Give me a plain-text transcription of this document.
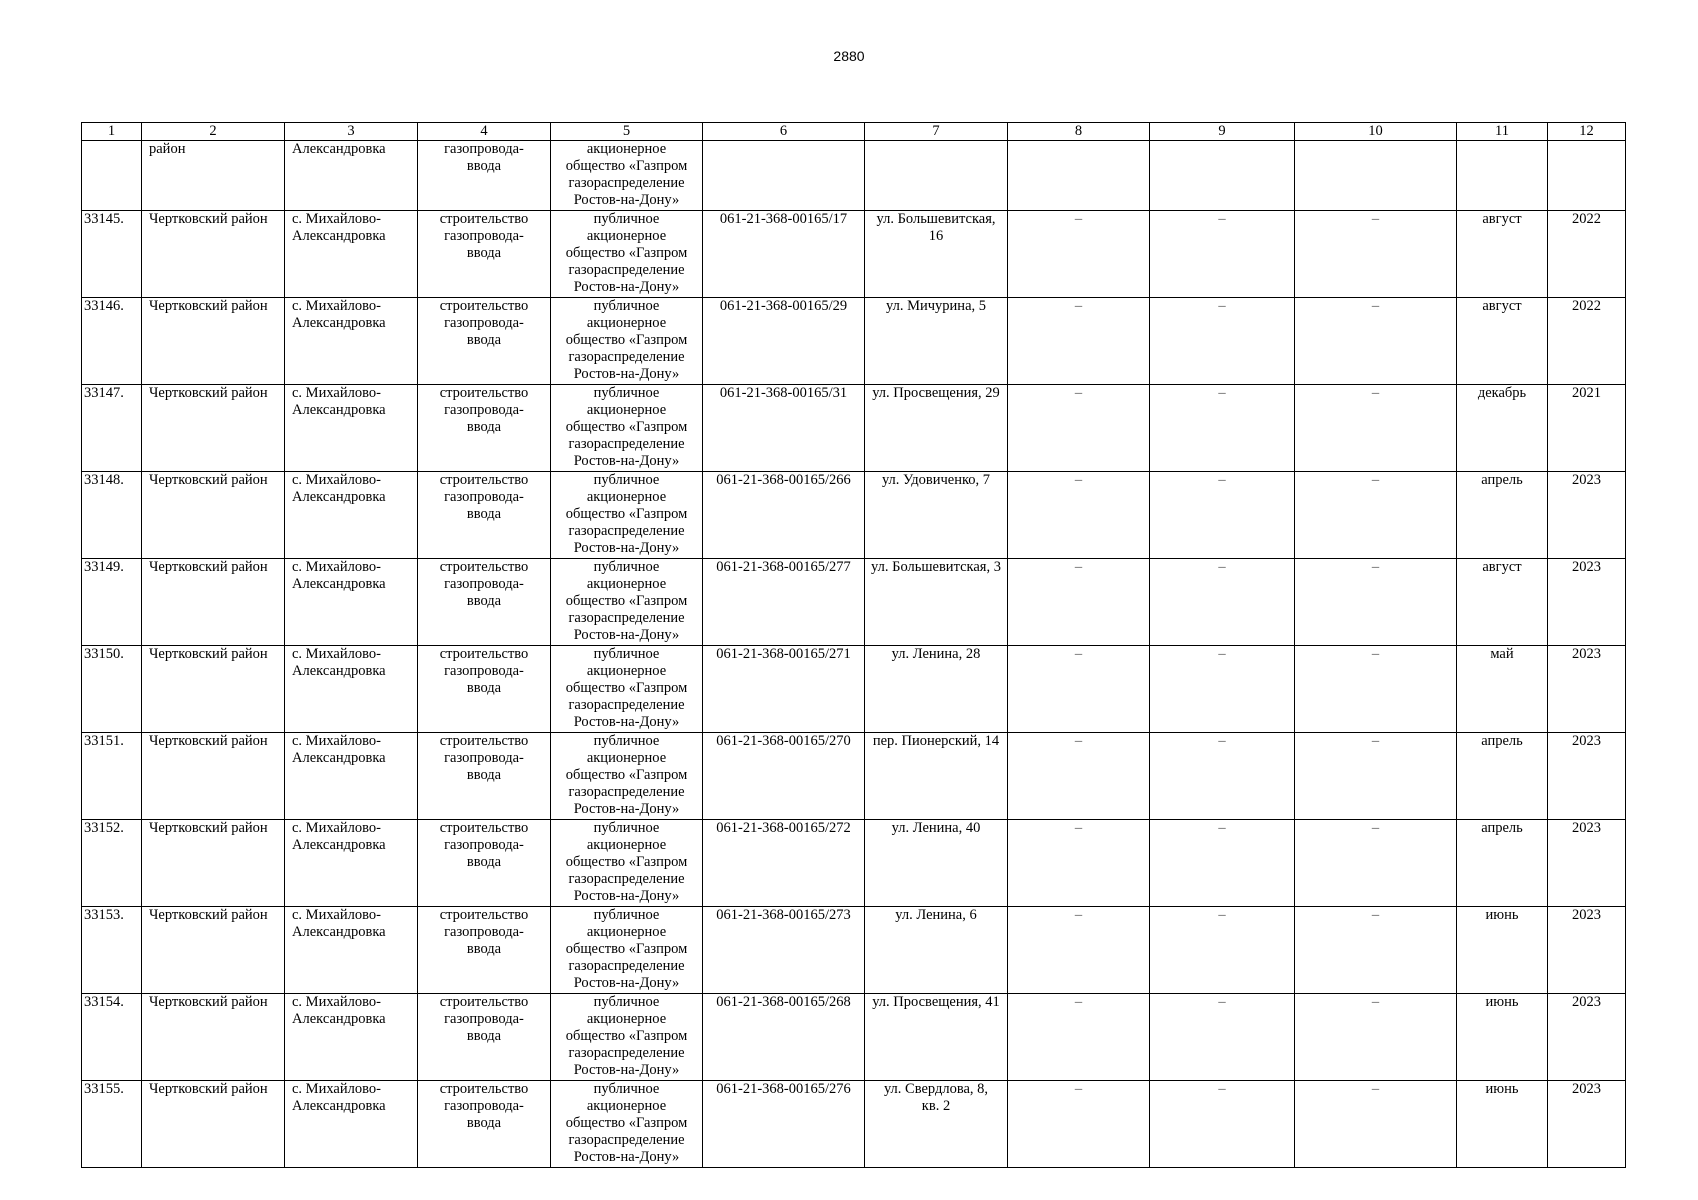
2880
1	2	3	4	5	6	7	8	9	10	11	12
	район	Александровка	газопровода-
ввода	акционерное
общество «Газпром
газораспределение
Ростов-на-Дону»							
33145.	Чертковский район	с. Михайлово-
Александровка	строительство
газопровода-
ввода	публичное
акционерное
общество «Газпром
газораспределение
Ростов-на-Дону»	061-21-368-00165/17	ул. Большевитская,
16	–	–	–	август	2022
33146.	Чертковский район	с. Михайлово-
Александровка	строительство
газопровода-
ввода	публичное
акционерное
общество «Газпром
газораспределение
Ростов-на-Дону»	061-21-368-00165/29	ул. Мичурина, 5	–	–	–	август	2022
33147.	Чертковский район	с. Михайлово-
Александровка	строительство
газопровода-
ввода	публичное
акционерное
общество «Газпром
газораспределение
Ростов-на-Дону»	061-21-368-00165/31	ул. Просвещения, 29	–	–	–	декабрь	2021
33148.	Чертковский район	с. Михайлово-
Александровка	строительство
газопровода-
ввода	публичное
акционерное
общество «Газпром
газораспределение
Ростов-на-Дону»	061-21-368-00165/266	ул. Удовиченко, 7	–	–	–	апрель	2023
33149.	Чертковский район	с. Михайлово-
Александровка	строительство
газопровода-
ввода	публичное
акционерное
общество «Газпром
газораспределение
Ростов-на-Дону»	061-21-368-00165/277	ул. Большевитская, 3	–	–	–	август	2023
33150.	Чертковский район	с. Михайлово-
Александровка	строительство
газопровода-
ввода	публичное
акционерное
общество «Газпром
газораспределение
Ростов-на-Дону»	061-21-368-00165/271	ул. Ленина, 28	–	–	–	май	2023
33151.	Чертковский район	с. Михайлово-
Александровка	строительство
газопровода-
ввода	публичное
акционерное
общество «Газпром
газораспределение
Ростов-на-Дону»	061-21-368-00165/270	пер. Пионерский, 14	–	–	–	апрель	2023
33152.	Чертковский район	с. Михайлово-
Александровка	строительство
газопровода-
ввода	публичное
акционерное
общество «Газпром
газораспределение
Ростов-на-Дону»	061-21-368-00165/272	ул. Ленина, 40	–	–	–	апрель	2023
33153.	Чертковский район	с. Михайлово-
Александровка	строительство
газопровода-
ввода	публичное
акционерное
общество «Газпром
газораспределение
Ростов-на-Дону»	061-21-368-00165/273	ул. Ленина, 6	–	–	–	июнь	2023
33154.	Чертковский район	с. Михайлово-
Александровка	строительство
газопровода-
ввода	публичное
акционерное
общество «Газпром
газораспределение
Ростов-на-Дону»	061-21-368-00165/268	ул. Просвещения, 41	–	–	–	июнь	2023
33155.	Чертковский район	с. Михайлово-
Александровка	строительство
газопровода-
ввода	публичное
акционерное
общество «Газпром
газораспределение
Ростов-на-Дону»	061-21-368-00165/276	ул. Свердлова, 8,
кв. 2	–	–	–	июнь	2023
